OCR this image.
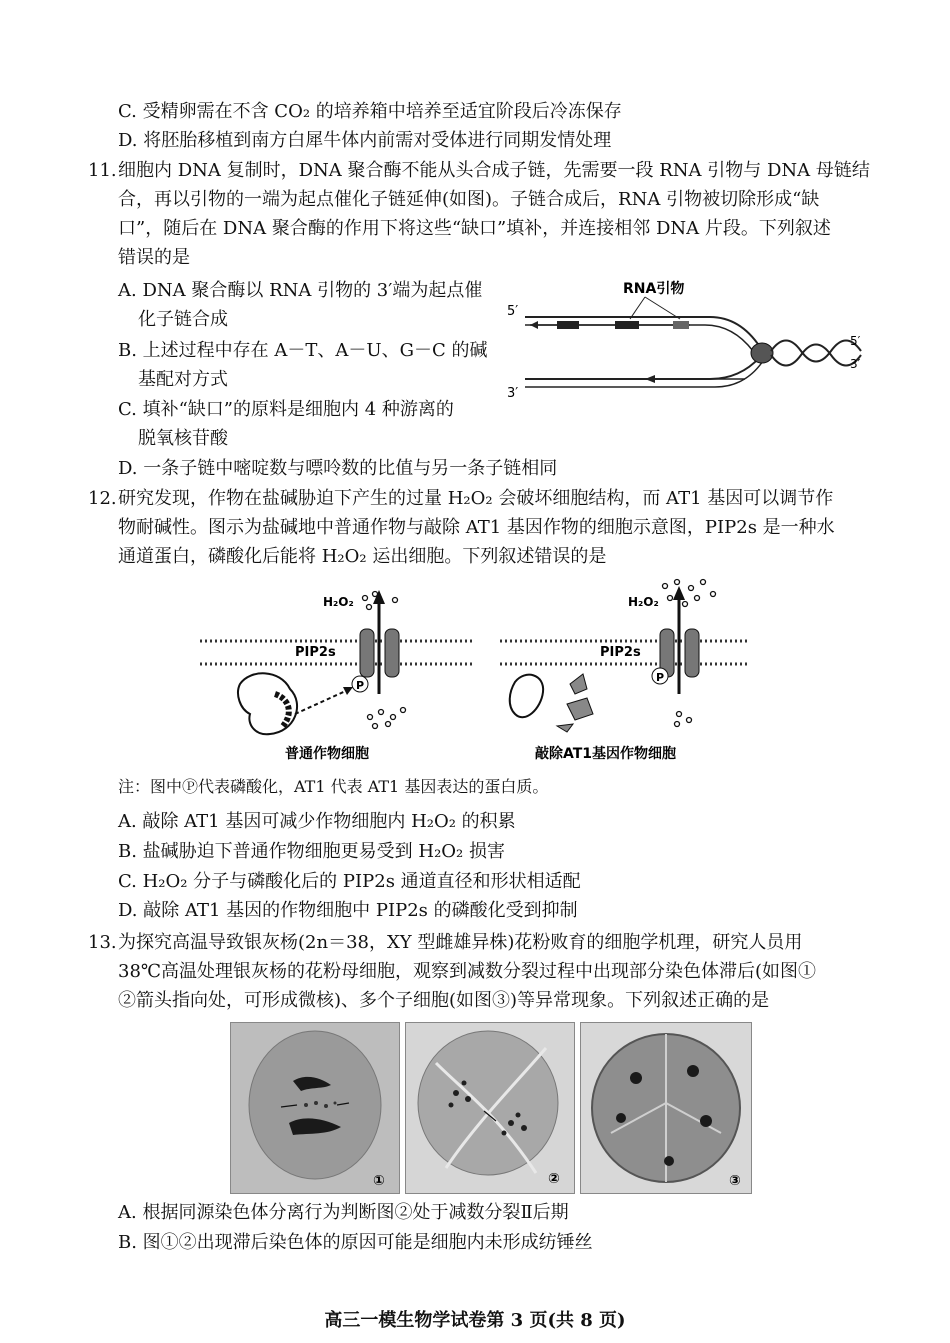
C. 受精卵需在不含 CO₂ 的培养箱中培养至适宜阶段后冷冻保存
D. 将胚胎移植到南方白犀牛体内前需对受体进行同期发情处理
11. 细胞内 DNA 复制时，DNA 聚合酶不能从头合成子链，先需要一段 RNA 引物与 DNA 母链结
合，再以引物的一端为起点催化子链延伸(如图)。子链合成后，RNA 引物被切除形成“缺
口”，随后在 DNA 聚合酶的作用下将这些“缺口”填补，并连接相邻 DNA 片段。下列叙述
错误的是
A. DNA 聚合酶以 RNA 引物的 3′端为起点催
化子链合成
B. 上述过程中存在 A－T、A－U、G－C 的碱
基配对方式
C. 填补“缺口”的原料是细胞内 4 种游离的
脱氧核苷酸
D. 一条子链中嘧啶数与嘌呤数的比值与另一条子链相同
RNA引物
5′
3′
5′
3′
12. 研究发现，作物在盐碱胁迫下产生的过量 H₂O₂ 会破坏细胞结构，而 AT1 基因可以调节作
物耐碱性。图示为盐碱地中普通作物与敲除 AT1 基因作物的细胞示意图，PIP2s 是一种水
通道蛋白，磷酸化后能将 H₂O₂ 运出细胞。下列叙述错误的是
P
H₂O₂
PIP2s
普通作物细胞
P
H₂O₂
PIP2s
敲除AT1基因作物细胞
注：图中Ⓟ代表磷酸化，AT1 代表 AT1 基因表达的蛋白质。
A. 敲除 AT1 基因可减少作物细胞内 H₂O₂ 的积累
B. 盐碱胁迫下普通作物细胞更易受到 H₂O₂ 损害
C. H₂O₂ 分子与磷酸化后的 PIP2s 通道直径和形状相适配
D. 敲除 AT1 基因的作物细胞中 PIP2s 的磷酸化受到抑制
13. 为探究高温导致银灰杨(2n＝38，XY 型雌雄异株)花粉败育的细胞学机理，研究人员用
38℃高温处理银灰杨的花粉母细胞，观察到减数分裂过程中出现部分染色体滞后(如图①
②箭头指向处，可形成微核)、多个子细胞(如图③)等异常现象。下列叙述正确的是
①	②	③
A. 根据同源染色体分离行为判断图②处于减数分裂Ⅱ后期
B. 图①②出现滞后染色体的原因可能是细胞内未形成纺锤丝
高三一模生物学试卷第 3 页(共 8 页)
